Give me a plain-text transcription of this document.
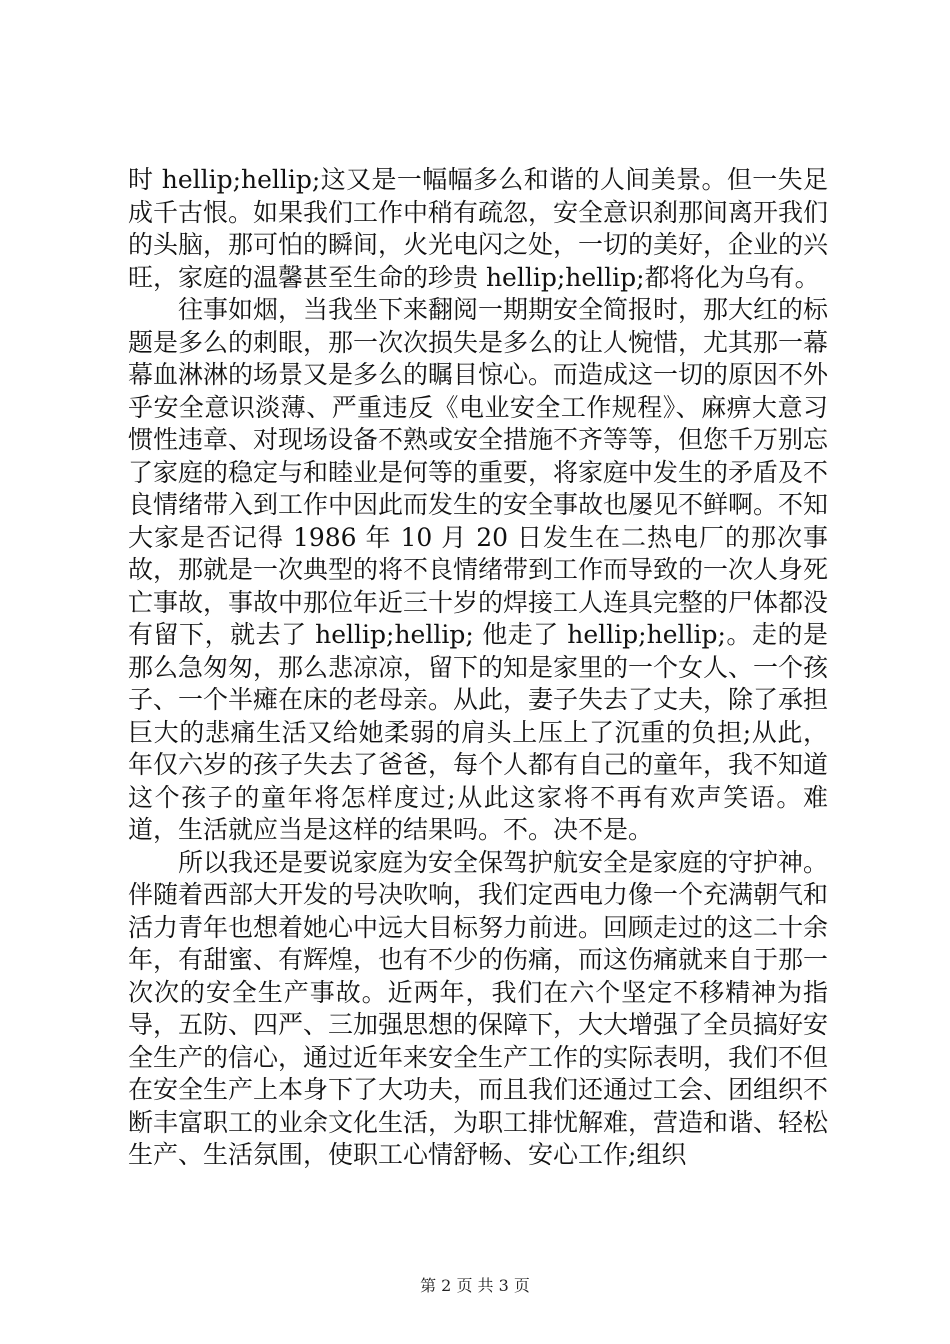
时 hellip;hellip;这又是一幅幅多么和谐的人间美景。但一失足成千古恨。如果我们工作中稍有疏忽，安全意识刹那间离开我们的头脑，那可怕的瞬间，火光电闪之处，一切的美好，企业的兴旺，家庭的温馨甚至生命的珍贵 hellip;hellip;都将化为乌有。

往事如烟，当我坐下来翻阅一期期安全简报时，那大红的标题是多么的刺眼，那一次次损失是多么的让人惋惜，尤其那一幕幕血淋淋的场景又是多么的瞩目惊心。而造成这一切的原因不外乎安全意识淡薄、严重违反《电业安全工作规程》、麻痹大意习惯性违章、对现场设备不熟或安全措施不齐等等，但您千万别忘了家庭的稳定与和睦业是何等的重要，将家庭中发生的矛盾及不良情绪带入到工作中因此而发生的安全事故也屡见不鲜啊。不知大家是否记得 1986 年 10 月 20 日发生在二热电厂的那次事故，那就是一次典型的将不良情绪带到工作而导致的一次人身死亡事故，事故中那位年近三十岁的焊接工人连具完整的尸体都没有留下，就去了 hellip;hellip; 他走了 hellip;hellip;。走的是那么急匆匆，那么悲凉凉，留下的知是家里的一个女人、一个孩子、一个半瘫在床的老母亲。从此，妻子失去了丈夫，除了承担巨大的悲痛生活又给她柔弱的肩头上压上了沉重的负担;从此，年仅六岁的孩子失去了爸爸，每个人都有自己的童年，我不知道这个孩子的童年将怎样度过;从此这家将不再有欢声笑语。难道，生活就应当是这样的结果吗。不。决不是。

所以我还是要说家庭为安全保驾护航安全是家庭的守护神。伴随着西部大开发的号决吹响，我们定西电力像一个充满朝气和活力青年也想着她心中远大目标努力前进。回顾走过的这二十余年，有甜蜜、有辉煌，也有不少的伤痛，而这伤痛就来自于那一次次的安全生产事故。近两年，我们在六个坚定不移精神为指导，五防、四严、三加强思想的保障下，大大增强了全员搞好安全生产的信心，通过近年来安全生产工作的实际表明，我们不但在安全生产上本身下了大功夫，而且我们还通过工会、团组织不断丰富职工的业余文化生活，为职工排忧解难，营造和谐、轻松生产、生活氛围，使职工心情舒畅、安心工作;组织

第 2 页 共 3 页
